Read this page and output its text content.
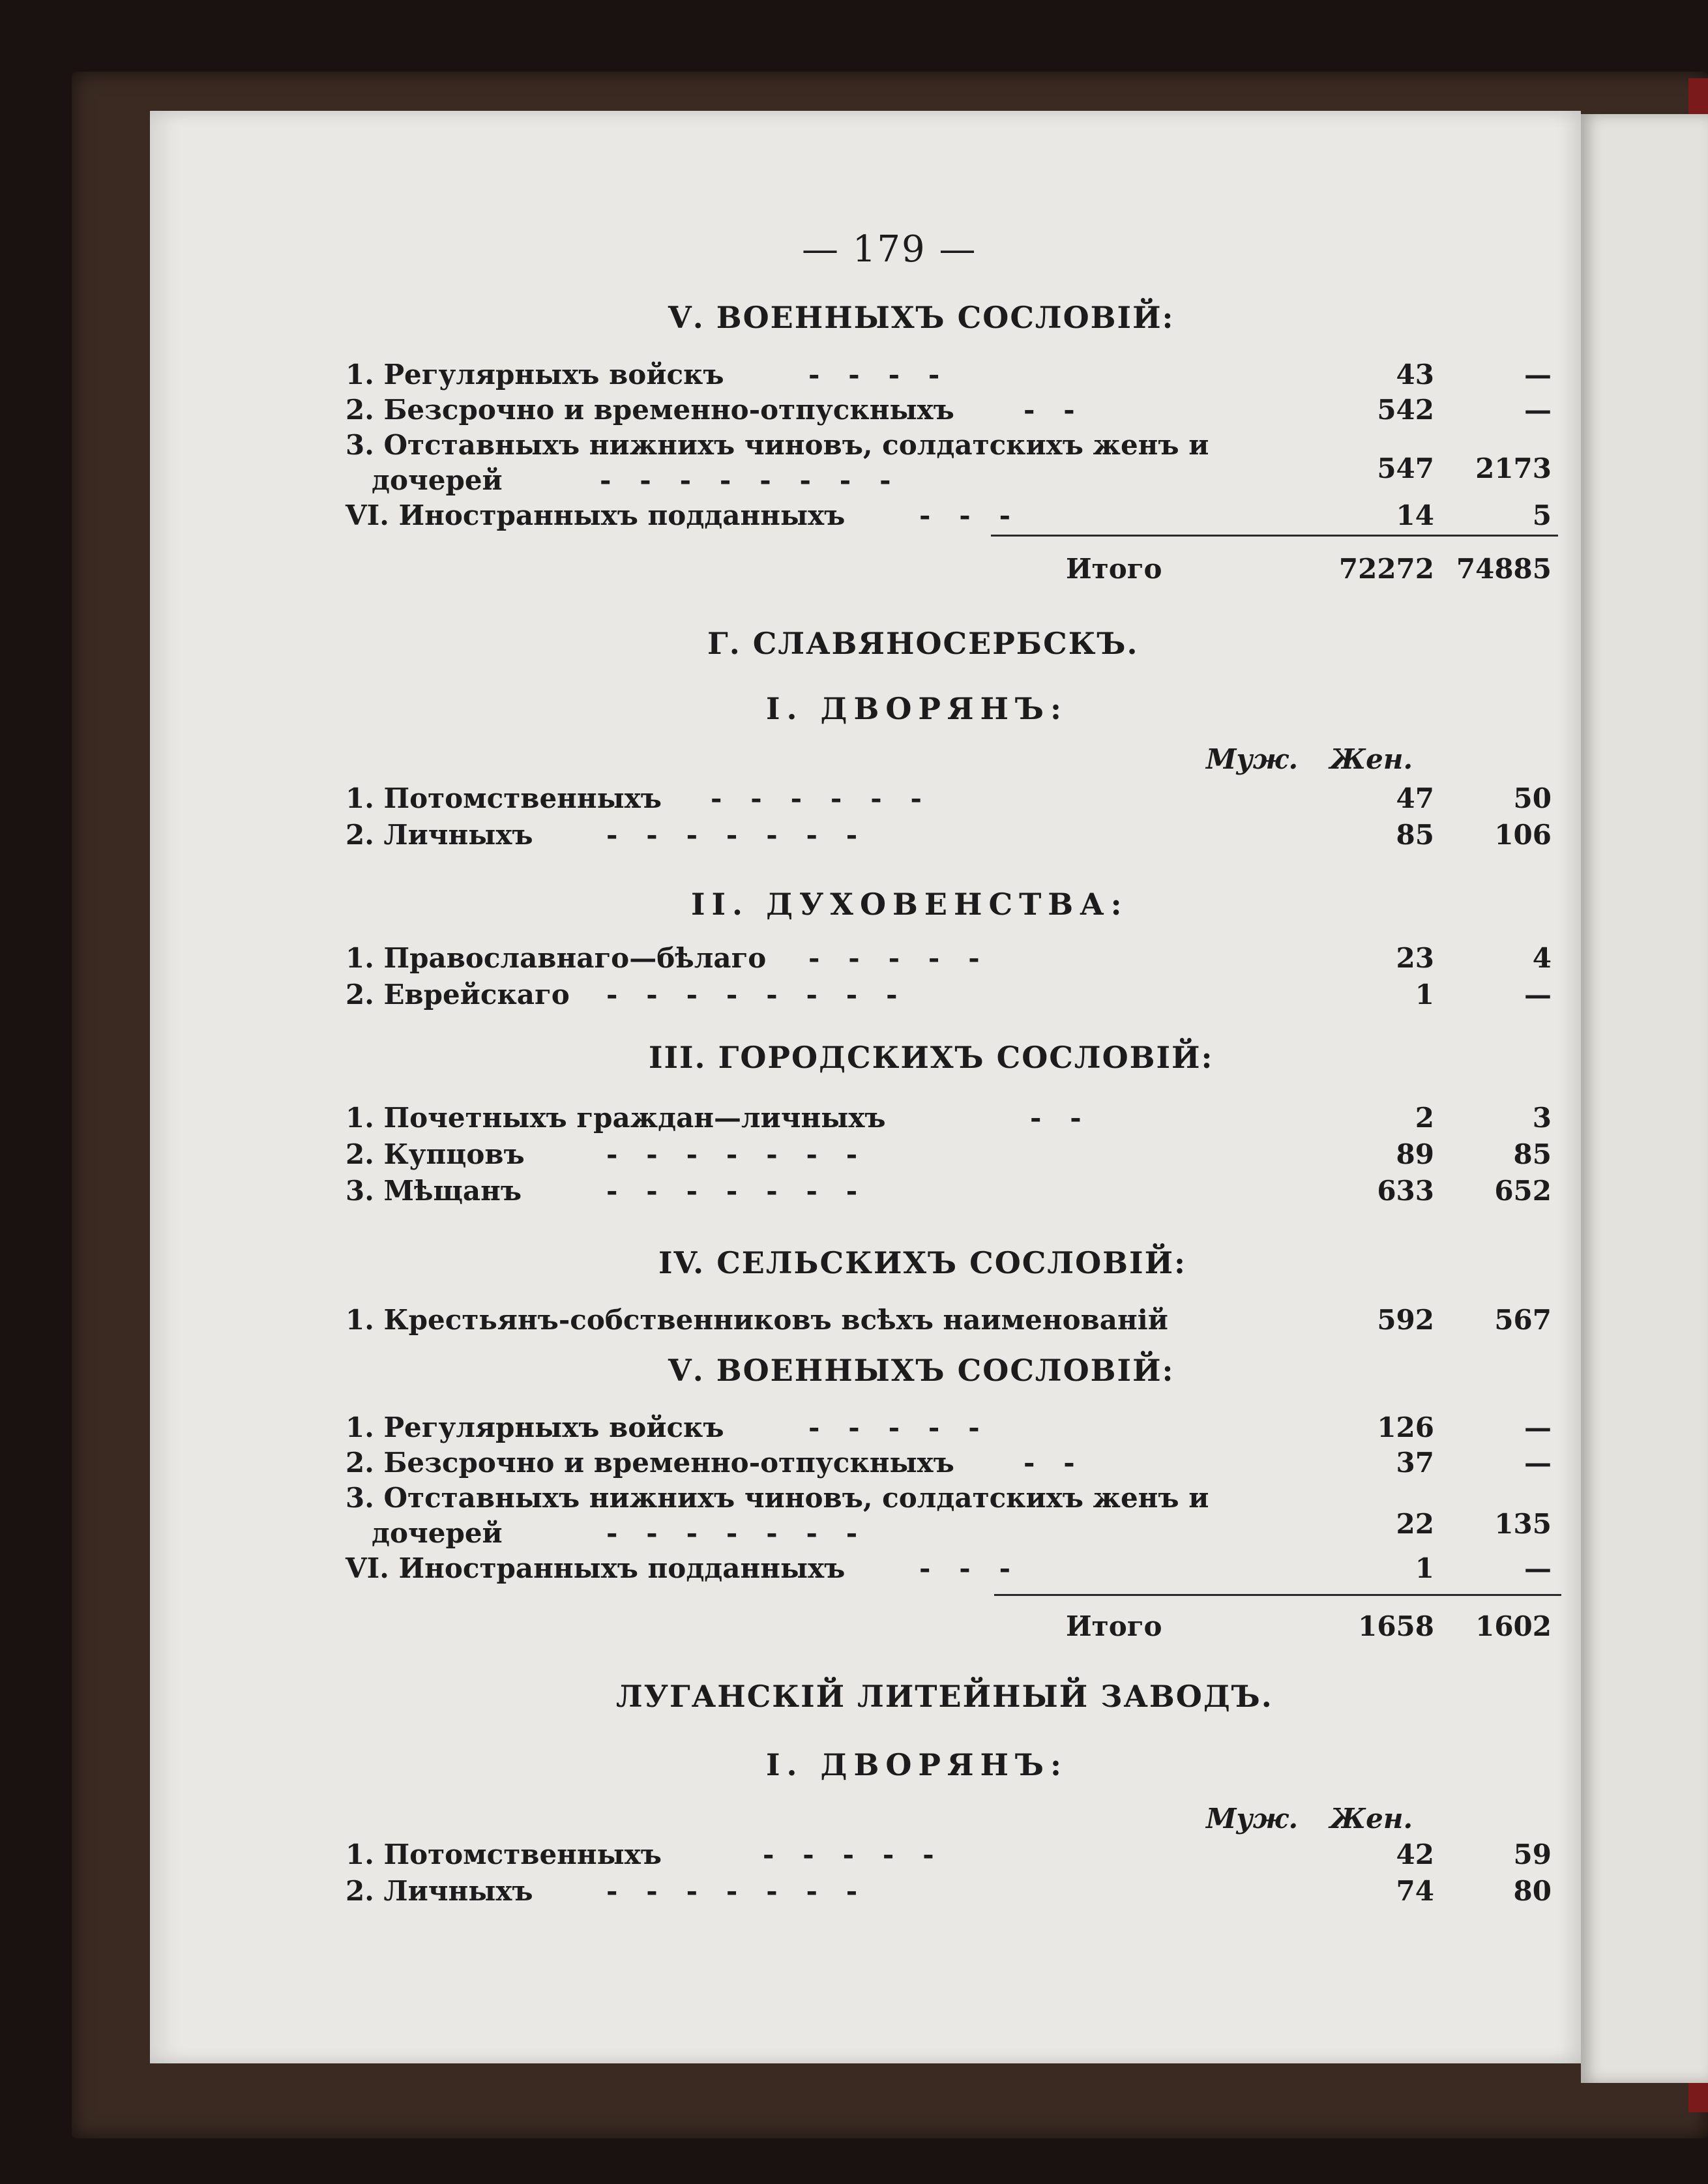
— 179 —
Ⅴ. ВОЕННЫХЪ СОСЛОВІЙ:
1. Регулярныхъ войскъ	-   -   -   -	43	—
2. Безсрочно и временно-отпускныхъ	-   -	542	—
3. Отставныхъ нижнихъ чиновъ, солдатскихъ женъ и
дочерей	-   -   -   -   -   -   -   -	547	2173
VI. Иностранныхъ подданныхъ	-   -   -	14	5
Итого	72272 74885
Г. СЛАВЯНОСЕРБСКЪ.
I. ДВОРЯНЪ:
Муж. Жен.
1. Потомственныхъ -   -   -   -   -   -	47	50
2. Личныхъ	-   -   -   -   -   -   -	85	106
II. ДУХОВЕНСТВА:
1. Православнаго—бѣлаго -   -   -   -   -	23	4
2. Еврейскаго -   -   -   -   -   -   -   -	1	—
III. ГОРОДСКИХЪ СОСЛОВІЙ:
1. Почетныхъ граждан—личныхъ	-   -	2	3
2. Купцовъ	-   -   -   -   -   -   -	89	85
3. Мѣщанъ	-   -   -   -   -   -   -	633	652
IV. СЕЛЬСКИХЪ СОСЛОВІЙ:
1. Крестьянъ-собственниковъ всѣхъ наименованій	592	567
Ⅴ. ВОЕННЫХЪ СОСЛОВІЙ:
1. Регулярныхъ войскъ	-   -   -   -   -	126	—
2. Безсрочно и временно-отпускныхъ	-   -	37	—
3. Отставныхъ нижнихъ чиновъ, солдатскихъ женъ и
дочерей	-   -   -   -   -   -   -	22	135
VI. Иностранныхъ подданныхъ	-   -   -	1	—
Итого	1658	1602
ЛУГАНСКІЙ ЛИТЕЙНЫЙ ЗАВОДЪ.
I. ДВОРЯНЪ:
Муж. Жен.
1. Потомственныхъ	-   -   -   -   -	42	59
2. Личныхъ	-   -   -   -   -   -   -	74	80
